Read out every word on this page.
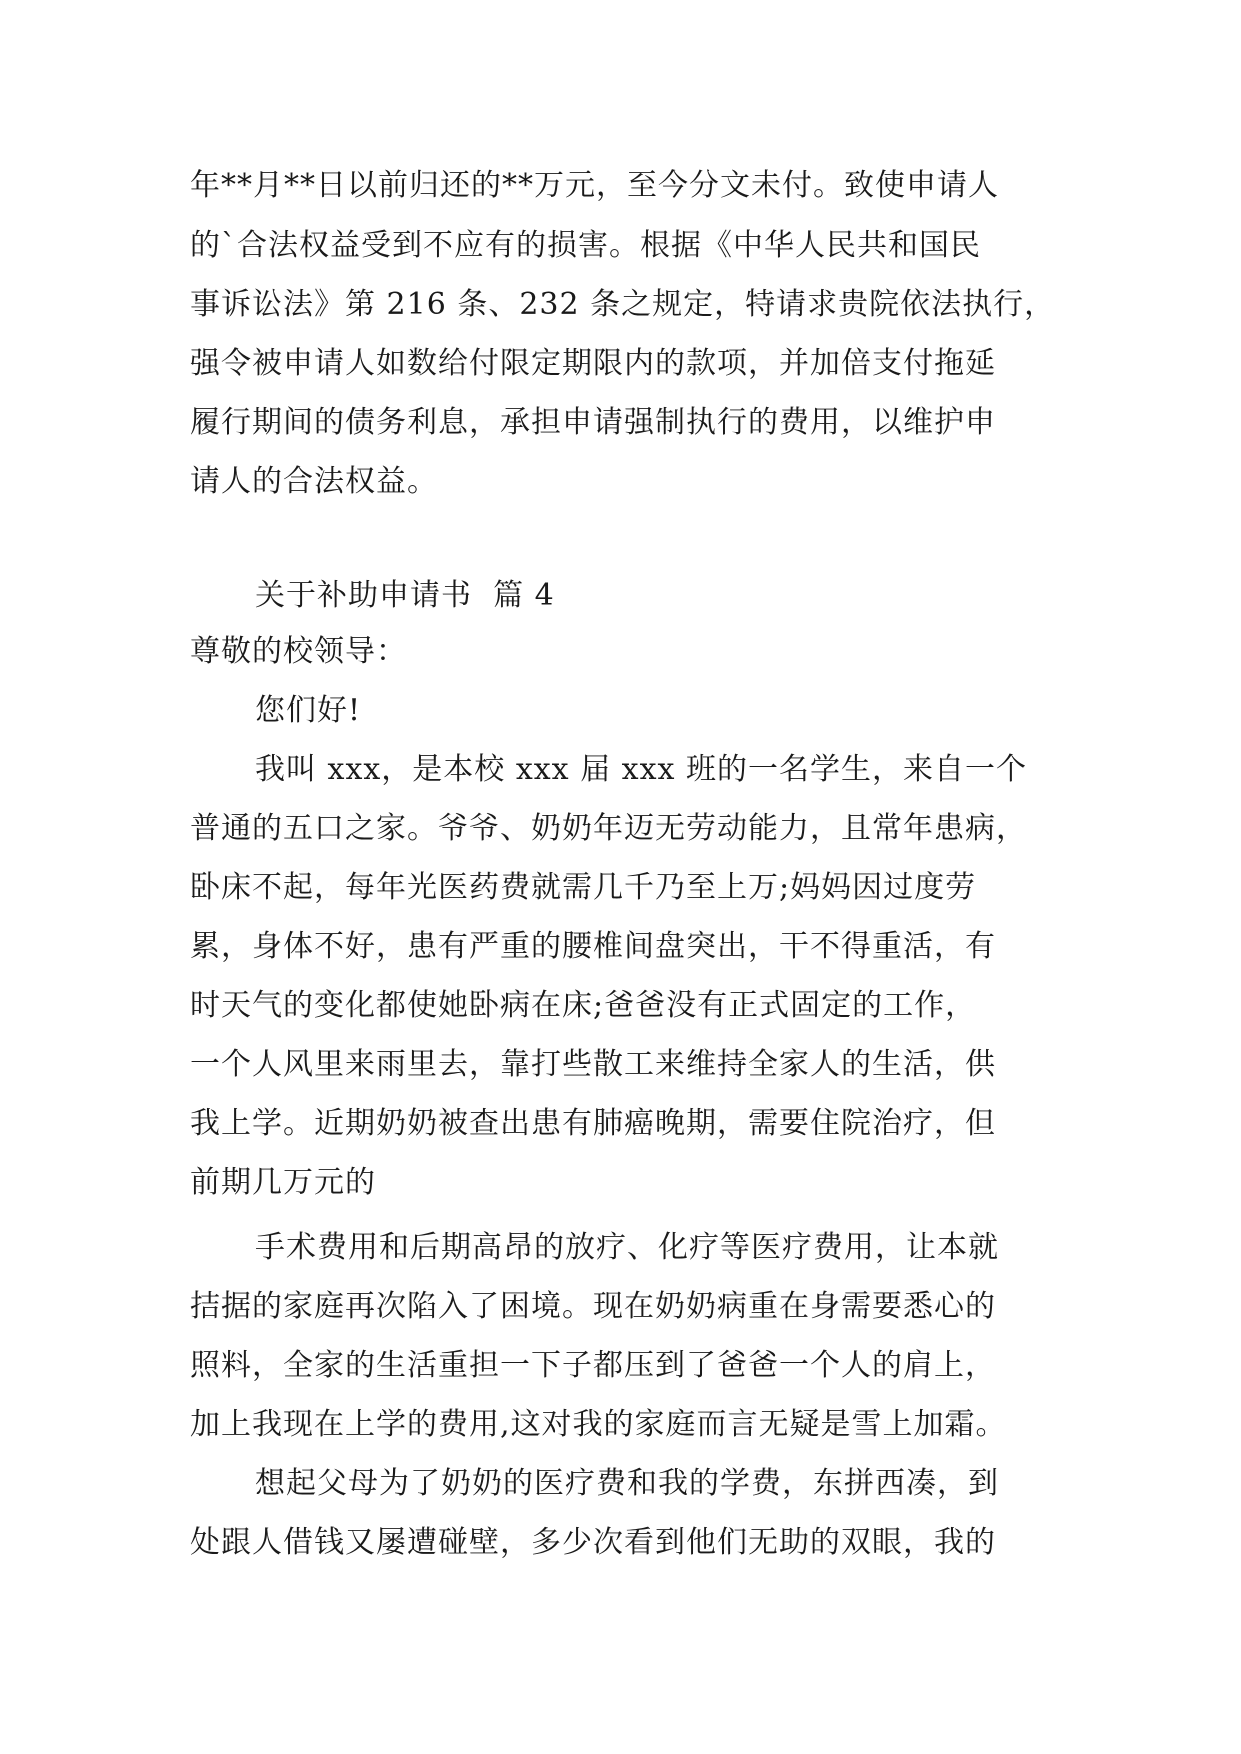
年**月**日以前归还的**万元，至今分文未付。致使申请人
的`合法权益受到不应有的损害。根据《中华人民共和国民
事诉讼法》第 216 条、232 条之规定，特请求贵院依法执行，
强令被申请人如数给付限定期限内的款项，并加倍支付拖延
履行期间的债务利息，承担申请强制执行的费用，以维护申
请人的合法权益。
关于补助申请书  篇 4
尊敬的校领导：
您们好!
我叫 xxx，是本校 xxx 届 xxx 班的一名学生，来自一个
普通的五口之家。爷爷、奶奶年迈无劳动能力，且常年患病，
卧床不起，每年光医药费就需几千乃至上万;妈妈因过度劳
累，身体不好，患有严重的腰椎间盘突出，干不得重活，有
时天气的变化都使她卧病在床;爸爸没有正式固定的工作，
一个人风里来雨里去，靠打些散工来维持全家人的生活，供
我上学。近期奶奶被查出患有肺癌晚期，需要住院治疗，但
前期几万元的
手术费用和后期高昂的放疗、化疗等医疗费用，让本就
拮据的家庭再次陷入了困境。现在奶奶病重在身需要悉心的
照料，全家的生活重担一下子都压到了爸爸一个人的肩上，
加上我现在上学的费用,这对我的家庭而言无疑是雪上加霜。
想起父母为了奶奶的医疗费和我的学费，东拼西凑，到
处跟人借钱又屡遭碰壁，多少次看到他们无助的双眼，我的
